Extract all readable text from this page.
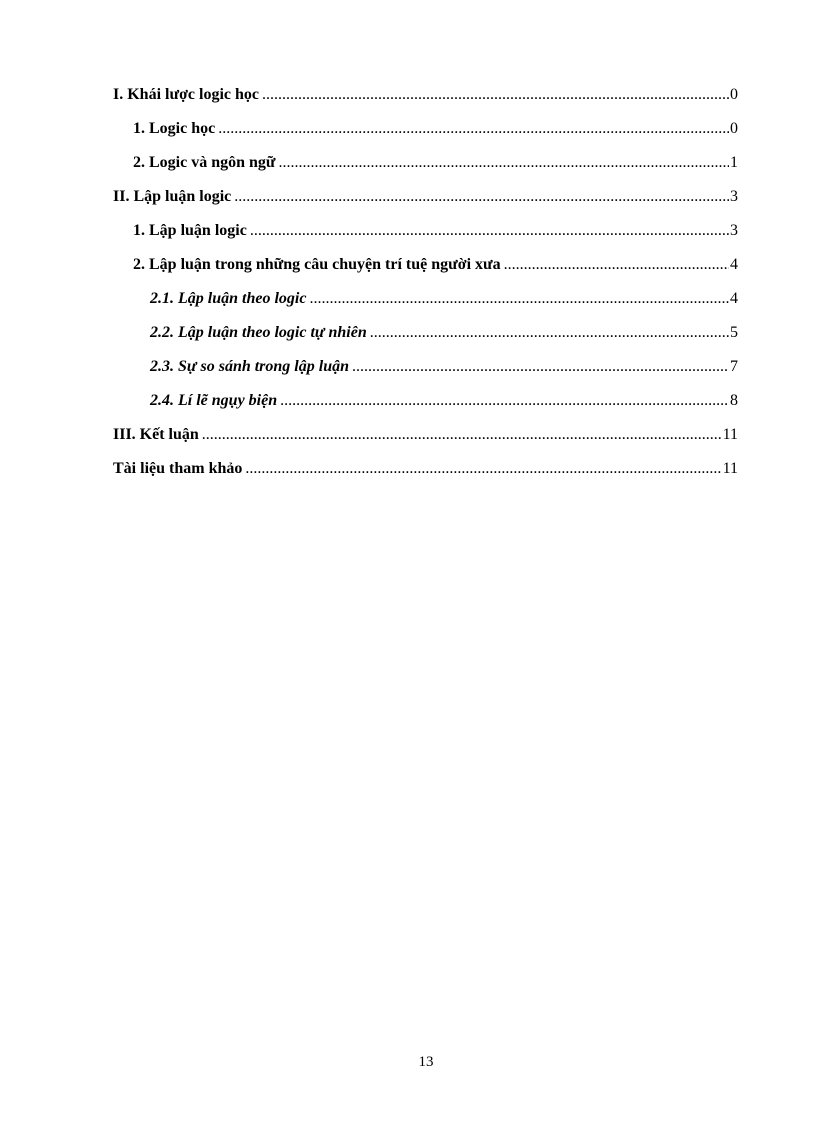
I. Khái lược logic học .....	0
1. Logic học .....	0
2. Logic và ngôn ngữ .....	1
II. Lập luận logic .....	3
1. Lập luận logic .....	3
2. Lập luận trong những câu chuyện trí tuệ người xưa .....	4
2.1. Lập luận theo logic .....	4
2.2. Lập luận theo logic tự nhiên .....	5
2.3. Sự so sánh trong lập luận .....	7
2.4. Lí lẽ ngụy biện .....	8
III. Kết luận .....	11
Tài liệu tham khảo .....	11
13
